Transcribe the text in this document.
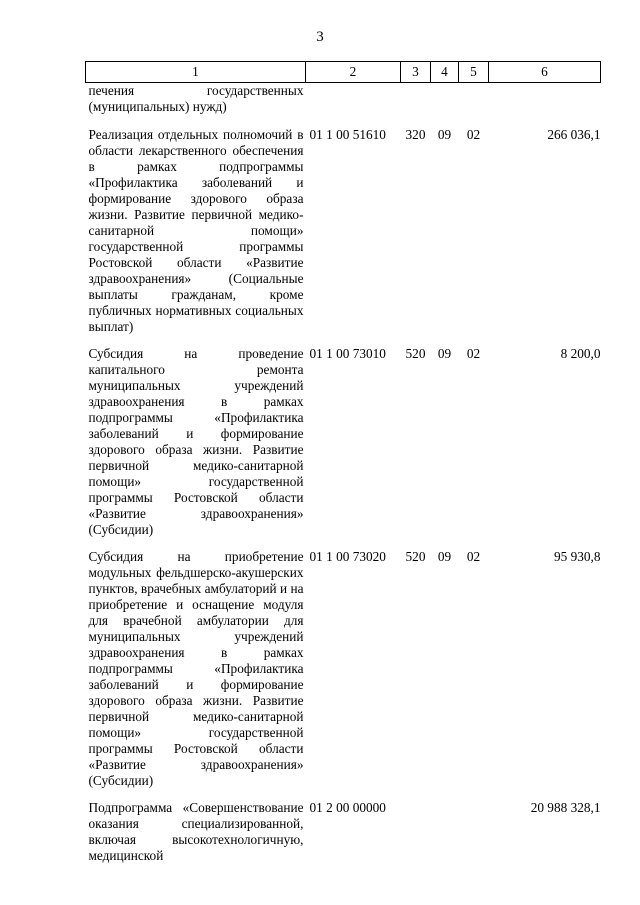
3
1	2	3	4	5	6
печения государственных (муниципальных) нужд)					
Реализация отдельных полномочий в области лекарственного обеспечения в рамках подпрограммы «Профилактика заболеваний и формирование здорового образа жизни. Развитие первичной медико-санитарной помощи» государственной программы Ростовской области «Развитие здравоохранения» (Социальные выплаты гражданам, кроме публичных нормативных социальных выплат)	01 1 00 51610	320	09	02	266 036,1
Субсидия на проведение капитального ремонта муниципальных учреждений здравоохранения в рамках подпрограммы «Профилактика заболеваний и формирование здорового образа жизни. Развитие первичной медико-санитарной помощи» государственной программы Ростовской области «Развитие здравоохранения» (Субсидии)	01 1 00 73010	520	09	02	8 200,0
Субсидия на приобретение модульных фельдшерско-акушерских пунктов, врачебных амбулаторий и на приобретение и оснащение модуля для врачебной амбулатории для муниципальных учреждений здравоохранения в рамках подпрограммы «Профилактика заболеваний и формирование здорового образа жизни. Развитие первичной медико-санитарной помощи» государственной программы Ростовской области «Развитие здравоохранения» (Субсидии)	01 1 00 73020	520	09	02	95 930,8
Подпрограмма «Совершенствование оказания специализированной, включая высокотехнологичную, медицинской	01 2 00 00000				20 988 328,1
